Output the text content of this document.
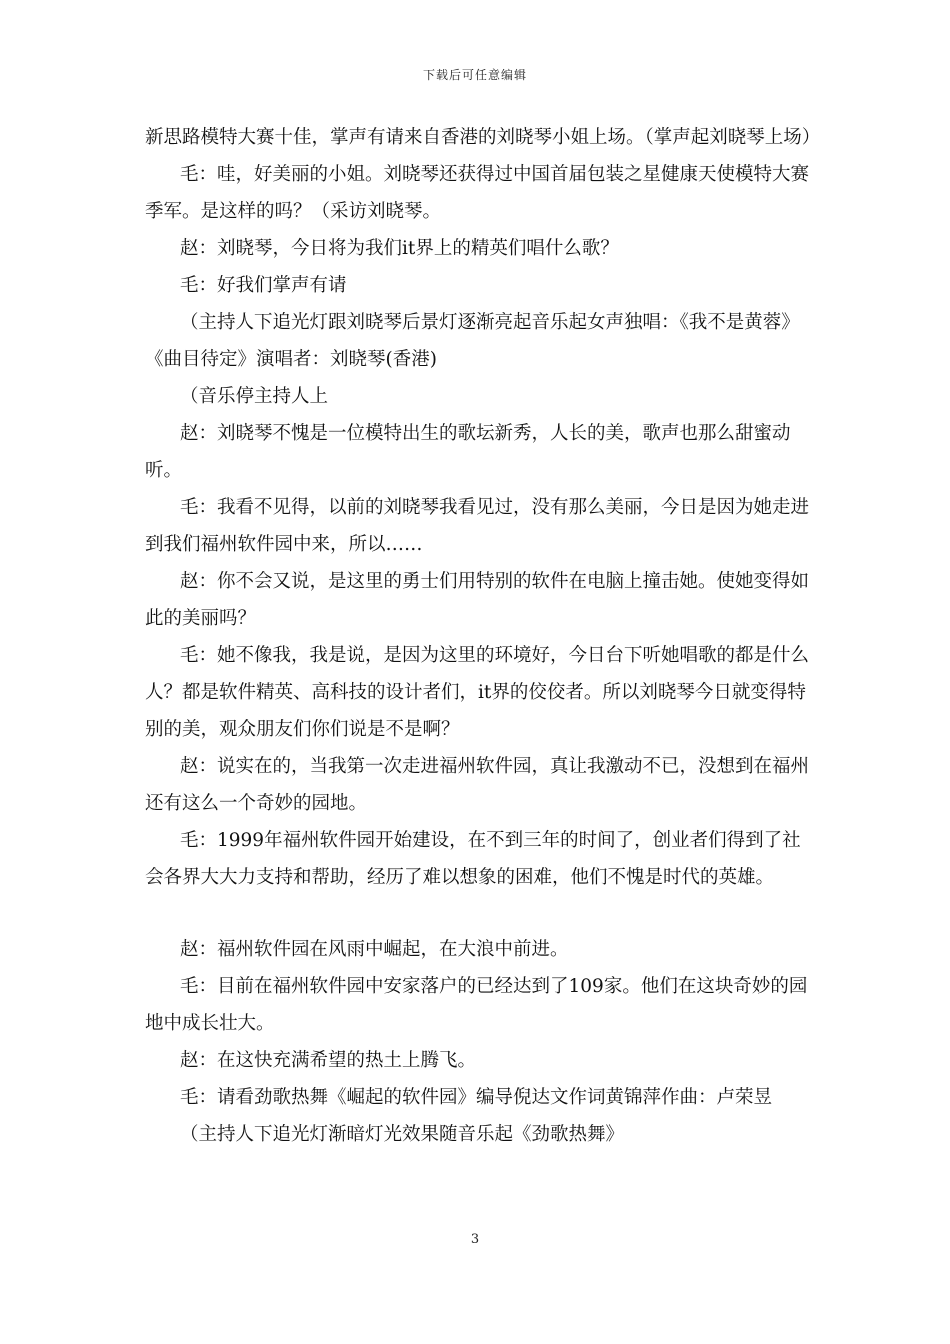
下载后可任意编辑

新思路模特大赛十佳，掌声有请来自香港的刘晓琴小姐上场。（掌声起刘晓琴上场）

毛：哇，好美丽的小姐。刘晓琴还获得过中国首届包装之星健康天使模特大赛季军。是这样的吗？（采访刘晓琴。

赵：刘晓琴，今日将为我们it界上的精英们唱什么歌？

毛：好我们掌声有请

（主持人下追光灯跟刘晓琴后景灯逐渐亮起音乐起女声独唱：《我不是黄蓉》《曲目待定》演唱者：刘晓琴(香港)

（音乐停主持人上

赵：刘晓琴不愧是一位模特出生的歌坛新秀，人长的美，歌声也那么甜蜜动听。

毛：我看不见得，以前的刘晓琴我看见过，没有那么美丽，今日是因为她走进到我们福州软件园中来，所以……

赵：你不会又说，是这里的勇士们用特别的软件在电脑上撞击她。使她变得如此的美丽吗？

毛：她不像我，我是说，是因为这里的环境好，今日台下听她唱歌的都是什么人？都是软件精英、高科技的设计者们，it界的佼佼者。所以刘晓琴今日就变得特别的美，观众朋友们你们说是不是啊？

赵：说实在的，当我第一次走进福州软件园，真让我激动不已，没想到在福州还有这么一个奇妙的园地。

毛：1999年福州软件园开始建设，在不到三年的时间了，创业者们得到了社会各界大大力支持和帮助，经历了难以想象的困难，他们不愧是时代的英雄。

赵：福州软件园在风雨中崛起，在大浪中前进。

毛：目前在福州软件园中安家落户的已经达到了109家。他们在这块奇妙的园地中成长壮大。

赵：在这快充满希望的热土上腾飞。

毛：请看劲歌热舞《崛起的软件园》编导倪达文作词黄锦萍作曲：卢荣昱

（主持人下追光灯渐暗灯光效果随音乐起《劲歌热舞》

3
